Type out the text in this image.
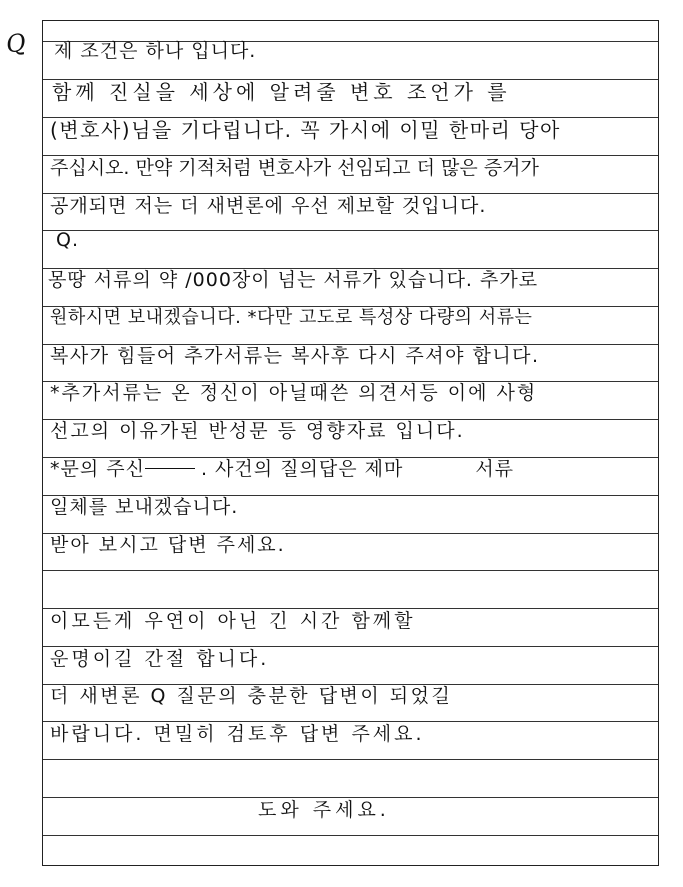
Q	제 조건은 하나 입니다.
함께 진실을 세상에 알려줄 변호 조언가 를
(변호사)님을 기다립니다. 꼭 가시에 이밀 한마리 당아
주십시오. 만약 기적처럼 변호사가 선임되고 더 많은 증거가
공개되면 저는 더 새변론에 우선 제보할 것입니다.
Q.
몽땅 서류의 약 /000장이 넘는 서류가 있습니다. 추가로
원하시면 보내겠습니다. *다만 고도로 특성상 다량의 서류는
복사가 힘들어 추가서류는 복사후 다시 주셔야 합니다.
*추가서류는 온 정신이 아닐때쓴 의견서등 이에 사형
선고의 이유가된 반성문 등 영향자료 입니다.
*문의 주신	. 사건의 질의답은 제마	서류
일체를 보내겠습니다.
받아 보시고 답변 주세요.
이모든게 우연이 아닌 긴 시간 함께할
운명이길 간절 합니다.
더 새변론 Q 질문의 충분한 답변이 되었길
바랍니다. 면밀히 검토후 답변 주세요.
도와 주세요.
